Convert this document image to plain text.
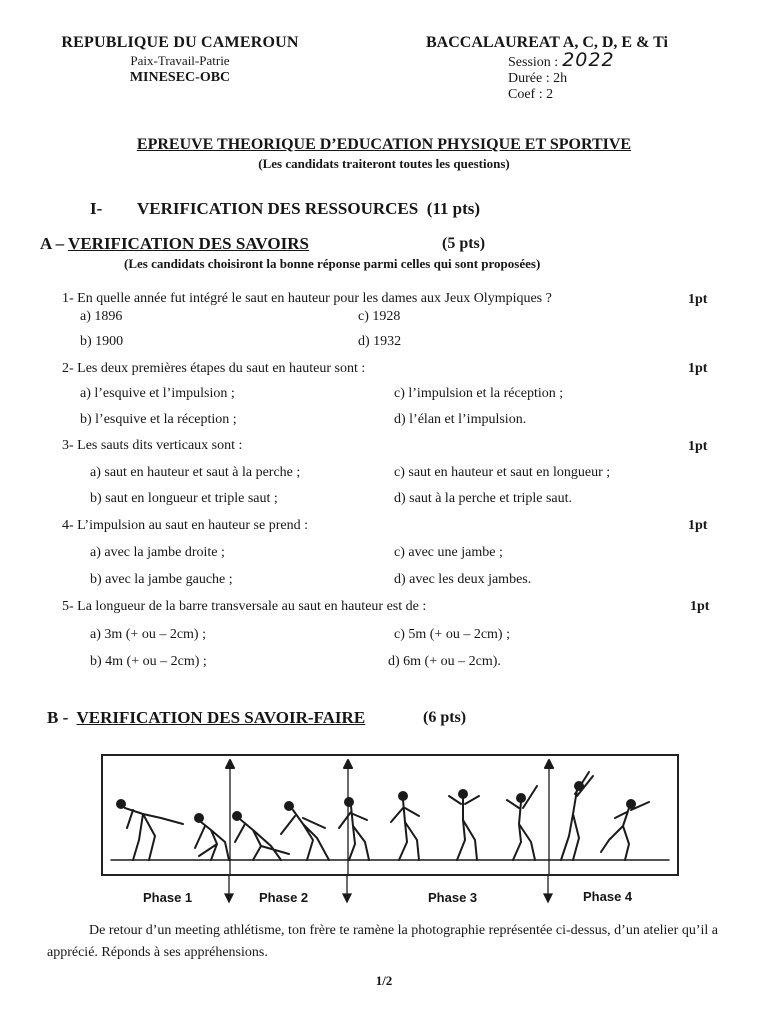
REPUBLIQUE DU CAMEROUN
Paix-Travail-Patrie
MINESEC-OBC
BACCALAUREAT A, C, D, E & Ti
Session : 2022
Durée : 2h
Coef : 2
EPREUVE THEORIQUE D’EDUCATION PHYSIQUE ET SPORTIVE
(Les candidats traiteront toutes les questions)
I- VERIFICATION DES RESSOURCES (11 pts)
A – VERIFICATION DES SAVOIRS	(5 pts)
(Les candidats choisiront la bonne réponse parmi celles qui sont proposées)
1- En quelle année fut intégré le saut en hauteur pour les dames aux Jeux Olympiques ?	1pt
a) 1896	c) 1928
b) 1900	d) 1932
2- Les deux premières étapes du saut en hauteur sont :	1pt
a) l’esquive et l’impulsion ;	c) l’impulsion et la réception ;
b) l’esquive et la réception ;	d) l’élan et l’impulsion.
3- Les sauts dits verticaux sont :	1pt
a) saut en hauteur et saut à la perche ;	c) saut en hauteur et saut en longueur ;
b) saut en longueur et triple saut ;	d) saut à la perche et triple saut.
4- L’impulsion au saut en hauteur se prend :	1pt
a) avec la jambe droite ;	c) avec une jambe ;
b) avec la jambe gauche ;	d) avec les deux jambes.
5- La longueur de la barre transversale au saut en hauteur est de :	1pt
a) 3m (+ ou – 2cm) ;	c) 5m (+ ou – 2cm) ;
b) 4m (+ ou – 2cm) ;	d) 6m (+ ou – 2cm).
B - VERIFICATION DES SAVOIR-FAIRE	(6 pts)
Phase 1	Phase 2	Phase 3	Phase 4
De retour d’un meeting athlétisme, ton frère te ramène la photographie représentée ci-dessus, d’un atelier qu’il a apprécié. Réponds à ses appréhensions.
1/2
